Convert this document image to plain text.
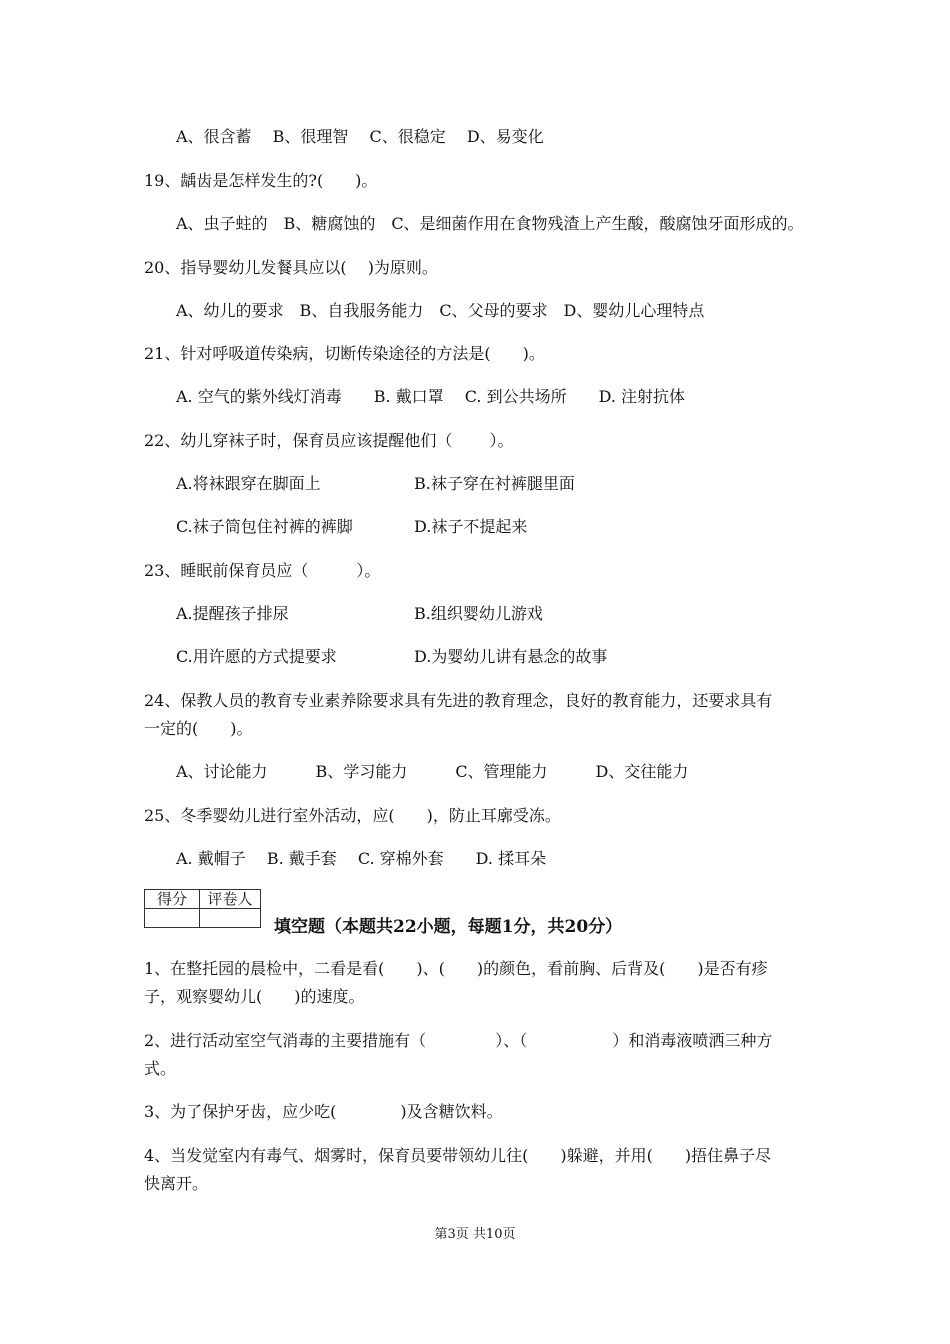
A、很含蓄　 B、很理智　 C、很稳定　 D、易变化
19、龋齿是怎样发生的?(　　)。
A、虫子蛀的　B、糖腐蚀的　C、是细菌作用在食物残渣上产生酸，酸腐蚀牙面形成的。
20、指导婴幼儿发餐具应以(　 )为原则。
A、幼儿的要求　B、自我服务能力　C、父母的要求　D、婴幼儿心理特点
21、针对呼吸道传染病，切断传染途径的方法是(　　)。
A. 空气的紫外线灯消毒　　B. 戴口罩　 C. 到公共场所　　D. 注射抗体
22、幼儿穿袜子时，保育员应该提醒他们（　　 ）。
A.将袜跟穿在脚面上	B.袜子穿在衬裤腿里面
C.袜子筒包住衬裤的裤脚	D.袜子不提起来
23、睡眠前保育员应（　　　）。
A.提醒孩子排尿	B.组织婴幼儿游戏
C.用许愿的方式提要求	D.为婴幼儿讲有悬念的故事
24、保教人员的教育专业素养除要求具有先进的教育理念，良好的教育能力，还要求具有
一定的(　　)。
A、讨论能力　　　B、学习能力　　　C、管理能力　　　D、交往能力
25、冬季婴幼儿进行室外活动，应(　　)，防止耳廓受冻。
A. 戴帽子　 B. 戴手套　 C. 穿棉外套　　D. 揉耳朵
得分	评卷人

填空题（本题共22小题，每题1分，共20分）
1、在整托园的晨检中，二看是看(　　)、(　　)的颜色，看前胸、后背及(　　)是否有疹
子，观察婴幼儿(　　)的速度。
2、进行活动室空气消毒的主要措施有（　　　　 ）、（　　　　　 ）和消毒液喷洒三种方
式。
3、为了保护牙齿，应少吃(　　　　)及含糖饮料。
4、当发觉室内有毒气、烟雾时，保育员要带领幼儿往(　　)躲避，并用(　　)捂住鼻子尽
快离开。
第3页 共10页
